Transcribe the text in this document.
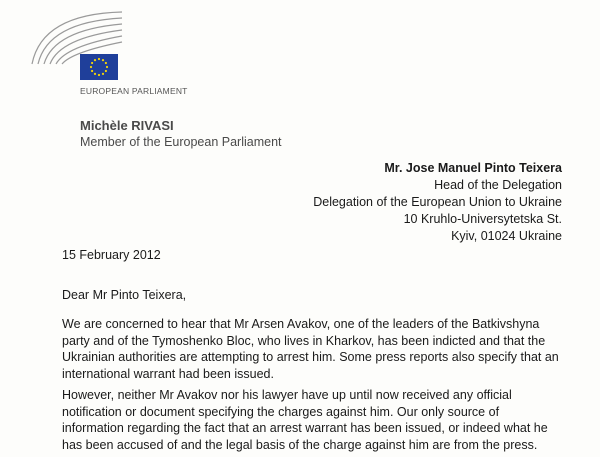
EUROPEAN PARLIAMENT
Michèle RIVASI
Member of the European Parliament
Mr. Jose Manuel Pinto Teixera
Head of the Delegation
Delegation of the European Union to Ukraine
10 Kruhlo-Universytetska St.
Kyiv, 01024 Ukraine
15 February 2012
Dear Mr Pinto Teixera,
We are concerned to hear that Mr Arsen Avakov, one of the leaders of the Batkivshyna
party and of the Tymoshenko Bloc, who lives in Kharkov, has been indicted and that the
Ukrainian authorities are attempting to arrest him. Some press reports also specify that an
international warrant had been issued.
However, neither Mr Avakov nor his lawyer have up until now received any official
notification or document specifying the charges against him. Our only source of
information regarding the fact that an arrest warrant has been issued, or indeed what he
has been accused of and the legal basis of the charge against him are from the press.
